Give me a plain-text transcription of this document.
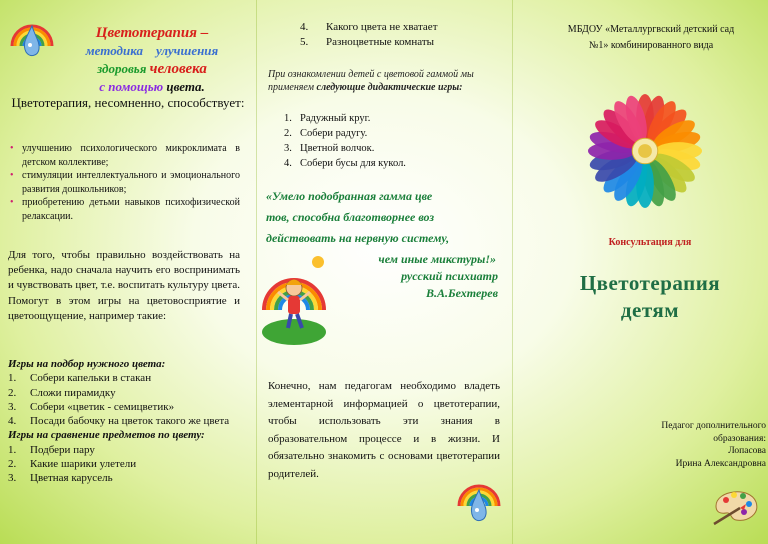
Цветотерапия –
методика улучшения
здоровья человека
с помощью цвета.
Цветотерапия, несомненно, способствует:
• улучшению психологического микроклимата в детском коллективе;
• стимуляции интеллектуального и эмоционального развития дошкольников;
• приобретению детьми навыков психофизической релаксации.

Для того, чтобы правильно воздействовать на ребенка, надо сначала научить его воспринимать и чувствовать цвет, т.е. воспитать культуру цвета. Помогут в этом игры на цветовосприятие и цветоощущение, например такие:

Игры на подбор нужного цвета:
1.	Собери капельки в стакан
2.	Сложи пирамидку
3.	Собери «цветик - семицветик»
4.	Посади бабочку на цветок такого же цвета
Игры на сравнение предметов по цвету:
1.	Подбери пару
2.	Какие шарики улетели
3.	Цветная карусель
4.	Какого цвета не хватает
5.	Разноцветные комнаты

При ознакомлении детей с цветовой гаммой мы применяем следующие дидактические игры:

1. Радужный круг.
2. Собери радугу.
3. Цветной волчок.
4. Собери бусы для кукол.
«Умело подобранная гамма цве
тов, способна благотворнее воз
действовать на нервную систему,
чем иные микстуры!»
русский психиатр
В.А.Бехтерев

Конечно, нам педагогам необходимо владеть элементарной информацией о цветотерапии, чтобы использовать эти знания в образовательном процессе и в жизни. И обязательно знакомить с основами цветотерапии родителей.

МБДОУ «Металлургвский детский сад
№1» комбинированного вида
Консультация для
Цветотерапия
детям
Педагог дополнительного
образования:
Лопасова
Ирина Александровна
